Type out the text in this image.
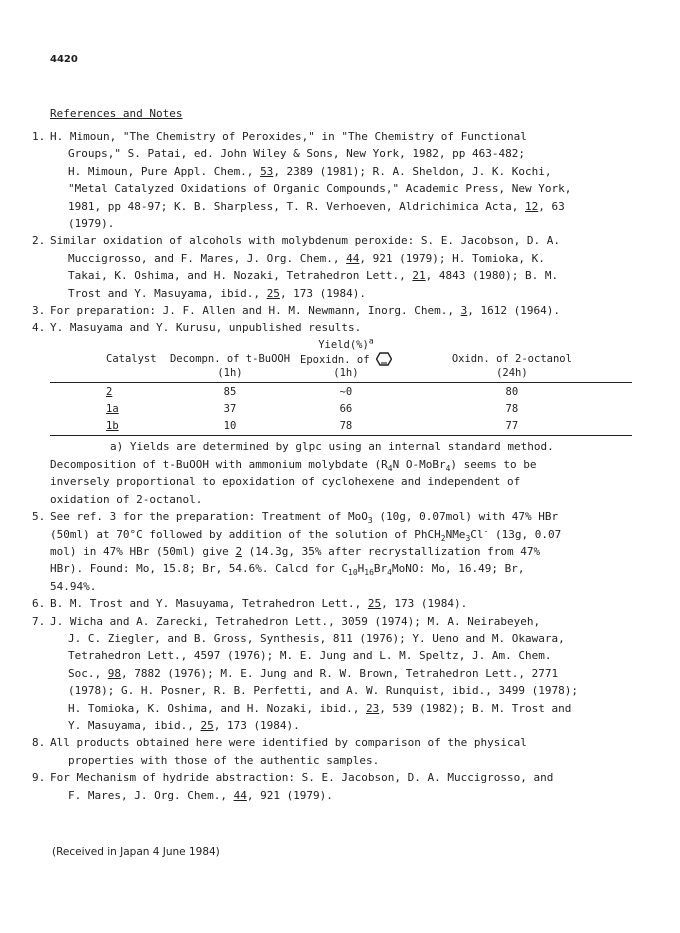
4420
References and Notes
1. H. Mimoun, "The Chemistry of Peroxides," in "The Chemistry of Functional
Groups," S. Patai, ed. John Wiley & Sons, New York, 1982, pp 463-482;
H. Mimoun, Pure Appl. Chem., 53, 2389 (1981); R. A. Sheldon, J. K. Kochi,
"Metal Catalyzed Oxidations of Organic Compounds," Academic Press, New York,
1981, pp 48-97; K. B. Sharpless, T. R. Verhoeven, Aldrichimica Acta, 12, 63
(1979).
2. Similar oxidation of alcohols with molybdenum peroxide: S. E. Jacobson, D. A.
Muccigrosso, and F. Mares, J. Org. Chem., 44, 921 (1979); H. Tomioka, K.
Takai, K. Oshima, and H. Nozaki, Tetrahedron Lett., 21, 4843 (1980); B. M.
Trost and Y. Masuyama, ibid., 25, 173 (1984).
3. For preparation: J. F. Allen and H. M. Newmann, Inorg. Chem., 3, 1612 (1964).
4. Y. Masuyama and Y. Kurusu, unpublished results.
		Yield(%)$^a$	
Catalyst	Decompn. of t-BuOOH	Epoxidn. of	Oxidn. of 2-octanol
	(1h)	(1h)	(24h)
2	85	~0	80
1a	37	66	78
1b	10	78	77
a) Yields are determined by glpc using an internal standard method.
Decomposition of t-BuOOH with ammonium molybdate ($R_4N$ O-MoBr$_4$) seems to be
inversely proportional to epoxidation of cyclohexene and independent of
oxidation of 2-octanol.
5. See ref. 3 for the preparation: Treatment of MoO$_3$ (10g, 0.07mol) with 47% HBr
(50ml) at 70°C followed by addition of the solution of PhCH$_2$NMe$_3$Cl- (13g, 0.07
mol) in 47% HBr (50ml) give 2 (14.3g, 35% after recrystallization from 47%
HBr). Found: Mo, 15.8; Br, 54.6%. Calcd for $C_{10}H_{16}Br_4MoNO$: Mo, 16.49; Br,
54.94%.
6. B. M. Trost and Y. Masuyama, Tetrahedron Lett., 25, 173 (1984).
7. J. Wicha and A. Zarecki, Tetrahedron Lett., 3059 (1974); M. A. Neirabeyeh,
J. C. Ziegler, and B. Gross, Synthesis, 811 (1976); Y. Ueno and M. Okawara,
Tetrahedron Lett., 4597 (1976); M. E. Jung and L. M. Speltz, J. Am. Chem.
Soc., 98, 7882 (1976); M. E. Jung and R. W. Brown, Tetrahedron Lett., 2771
(1978); G. H. Posner, R. B. Perfetti, and A. W. Runquist, ibid., 3499 (1978);
H. Tomioka, K. Oshima, and H. Nozaki, ibid., 23, 539 (1982); B. M. Trost and
Y. Masuyama, ibid., 25, 173 (1984).
8. All products obtained here were identified by comparison of the physical
properties with those of the authentic samples.
9. For Mechanism of hydride abstraction: S. E. Jacobson, D. A. Muccigrosso, and
F. Mares, J. Org. Chem., 44, 921 (1979).
(Received in Japan 4 June 1984)
